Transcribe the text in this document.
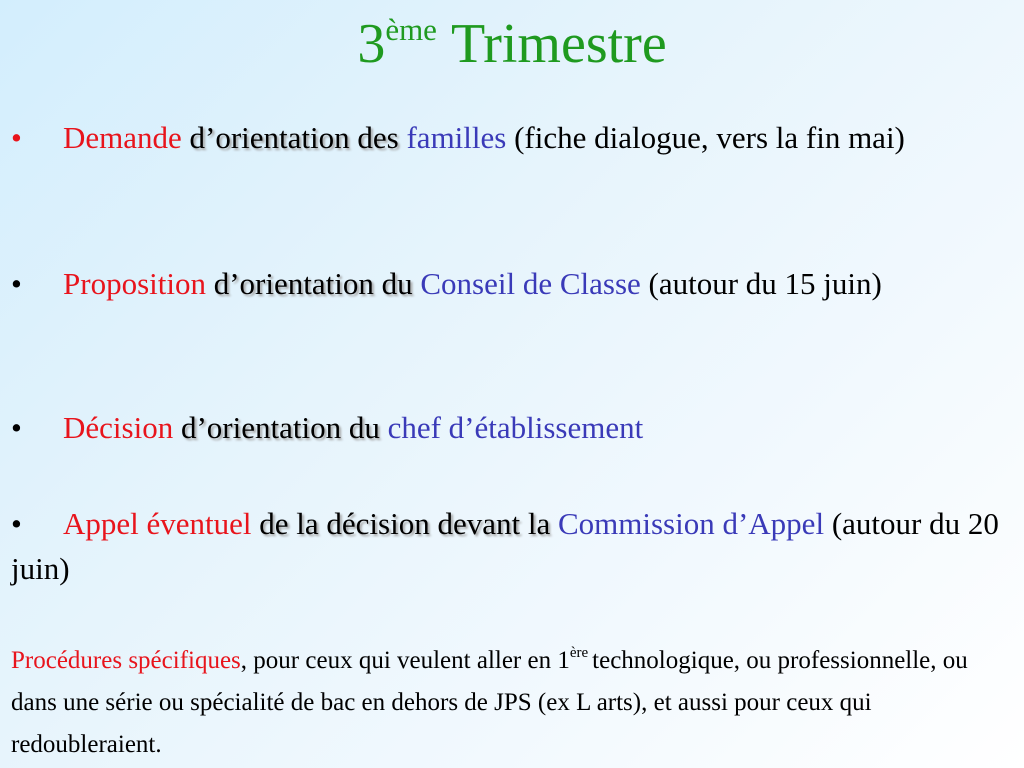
3ème Trimestre
• Demande d’orientation des familles (fiche dialogue, vers la fin mai)
• Proposition d’orientation du Conseil de Classe (autour du 15 juin)
• Décision d’orientation du chef d’établissement
• Appel éventuel de la décision devant la Commission d’Appel (autour du 20 juin)
Procédures spécifiques, pour ceux qui veulent aller en 1ère technologique, ou professionnelle, ou dans une série ou spécialité de bac en dehors de JPS (ex L arts), et aussi pour ceux qui redoubleraient.
